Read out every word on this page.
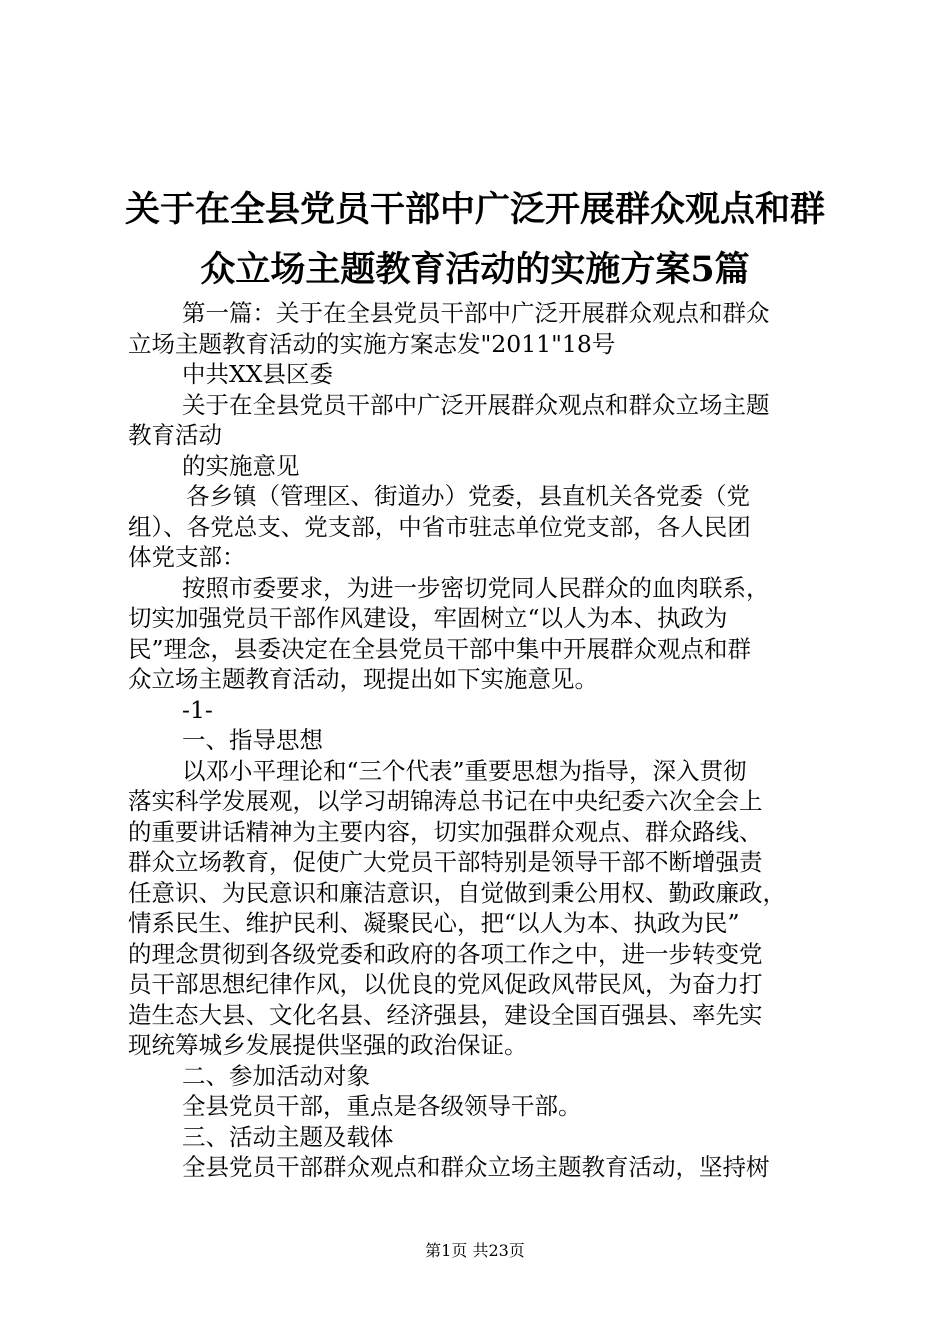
关于在全县党员干部中广泛开展群众观点和群
众立场主题教育活动的实施方案5篇
第一篇：关于在全县党员干部中广泛开展群众观点和群众
立场主题教育活动的实施方案志发"2011"18号
中共XX县区委
关于在全县党员干部中广泛开展群众观点和群众立场主题
教育活动
的实施意见
各乡镇（管理区、街道办）党委，县直机关各党委（党
组）、各党总支、党支部，中省市驻志单位党支部，各人民团
体党支部：
按照市委要求，为进一步密切党同人民群众的血肉联系，
切实加强党员干部作风建设，牢固树立“以人为本、执政为
民”理念，县委决定在全县党员干部中集中开展群众观点和群
众立场主题教育活动，现提出如下实施意见。
-1-
一、指导思想
以邓小平理论和“三个代表”重要思想为指导，深入贯彻
落实科学发展观，以学习胡锦涛总书记在中央纪委六次全会上
的重要讲话精神为主要内容，切实加强群众观点、群众路线、
群众立场教育，促使广大党员干部特别是领导干部不断增强责
任意识、为民意识和廉洁意识，自觉做到秉公用权、勤政廉政，
情系民生、维护民利、凝聚民心，把“以人为本、执政为民”
的理念贯彻到各级党委和政府的各项工作之中，进一步转变党
员干部思想纪律作风，以优良的党风促政风带民风，为奋力打
造生态大县、文化名县、经济强县，建设全国百强县、率先实
现统筹城乡发展提供坚强的政治保证。
二、参加活动对象
全县党员干部，重点是各级领导干部。
三、活动主题及载体
全县党员干部群众观点和群众立场主题教育活动，坚持树
第1页 共23页
